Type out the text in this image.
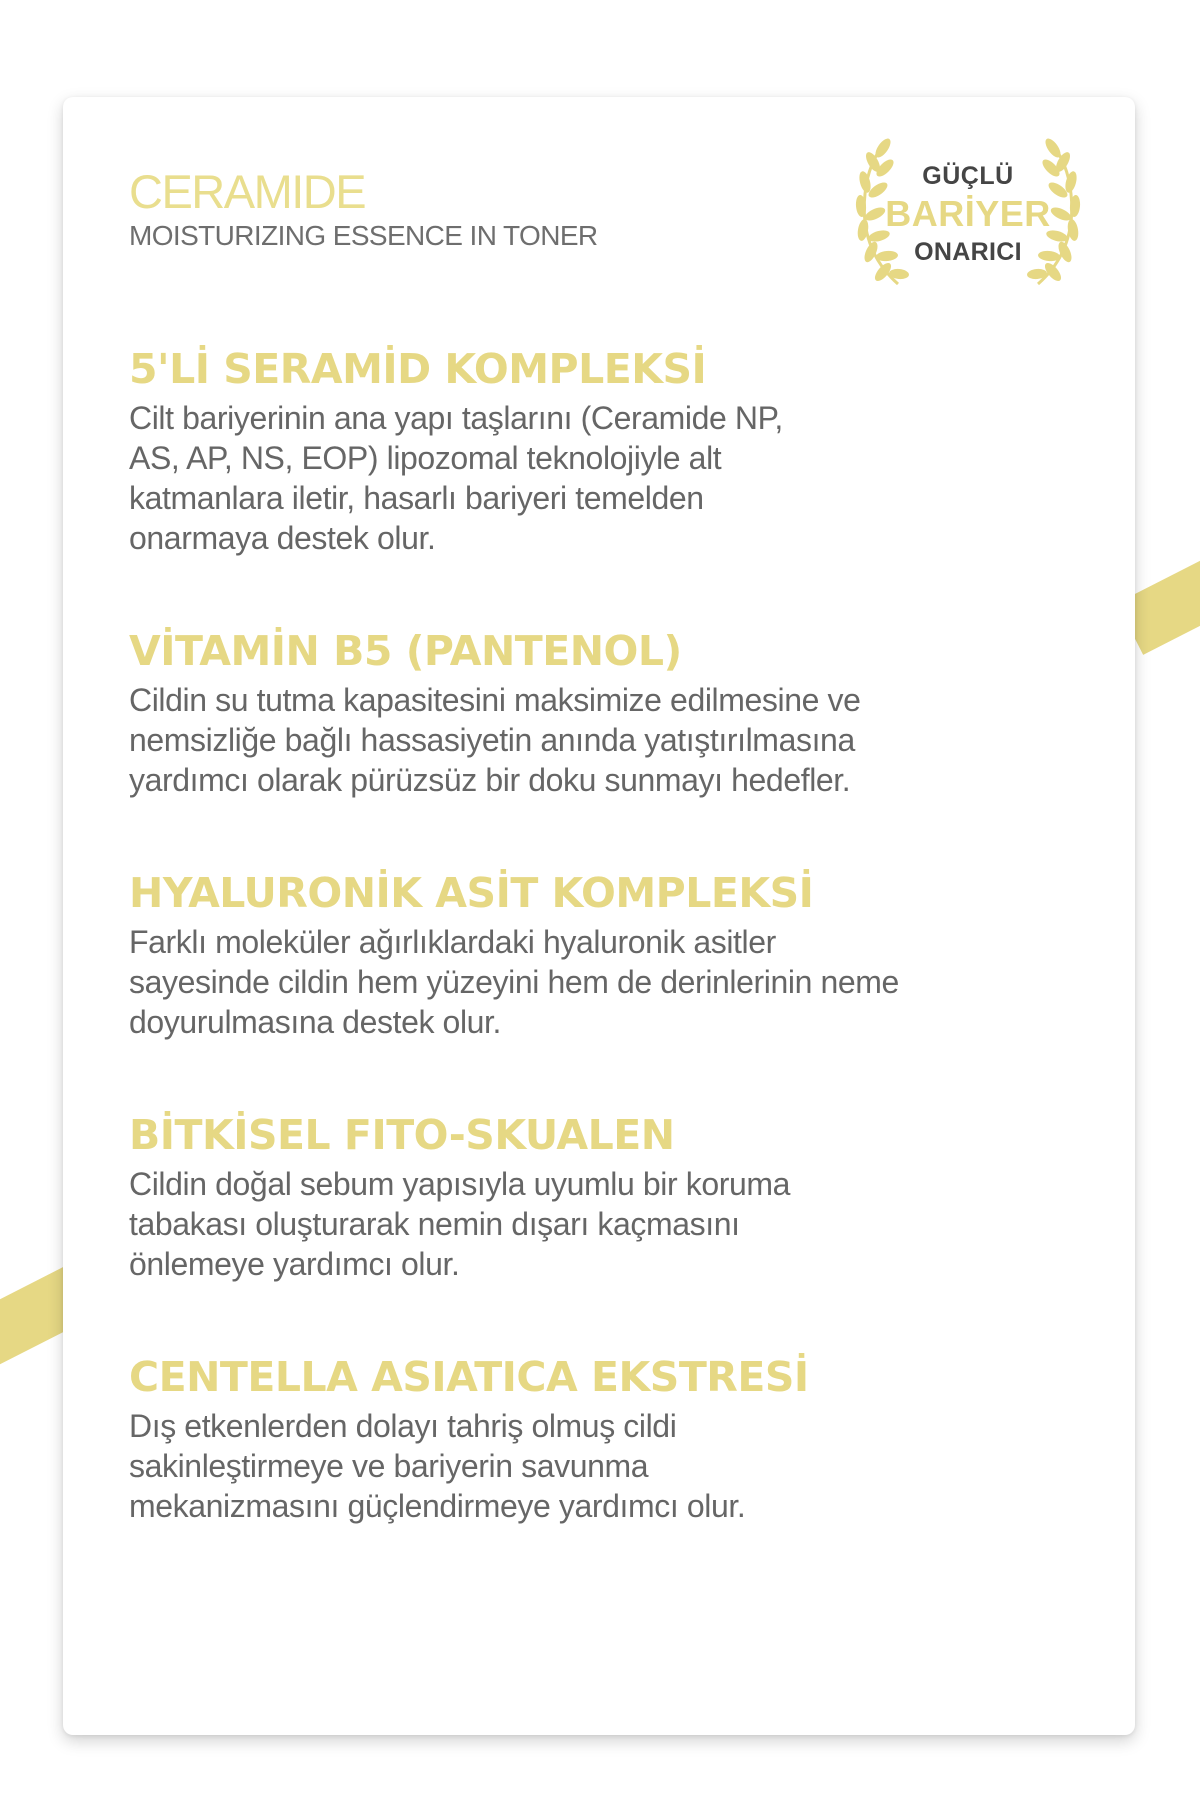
CERAMIDE
MOISTURIZING ESSENCE IN TONER
GÜÇLÜ
BARİYER
ONARICI
5'Lİ SERAMİD KOMPLEKSİ
Cilt bariyerinin ana yapı taşlarını (Ceramide NP,
AS, AP, NS, EOP) lipozomal teknolojiyle alt
katmanlara iletir, hasarlı bariyeri temelden
onarmaya destek olur.
VİTAMİN B5 (PANTENOL)
Cildin su tutma kapasitesini maksimize edilmesine ve
nemsizliğe bağlı hassasiyetin anında yatıştırılmasına
yardımcı olarak pürüzsüz bir doku sunmayı hedefler.
HYALURONİK ASİT KOMPLEKSİ
Farklı moleküler ağırlıklardaki hyaluronik asitler
sayesinde cildin hem yüzeyini hem de derinlerinin neme
doyurulmasına destek olur.
BİTKİSEL FITO-SKUALEN
Cildin doğal sebum yapısıyla uyumlu bir koruma
tabakası oluşturarak nemin dışarı kaçmasını
önlemeye yardımcı olur.
CENTELLA ASIATICA EKSTRESİ
Dış etkenlerden dolayı tahriş olmuş cildi
sakinleştirmeye ve bariyerin savunma
mekanizmasını güçlendirmeye yardımcı olur.
